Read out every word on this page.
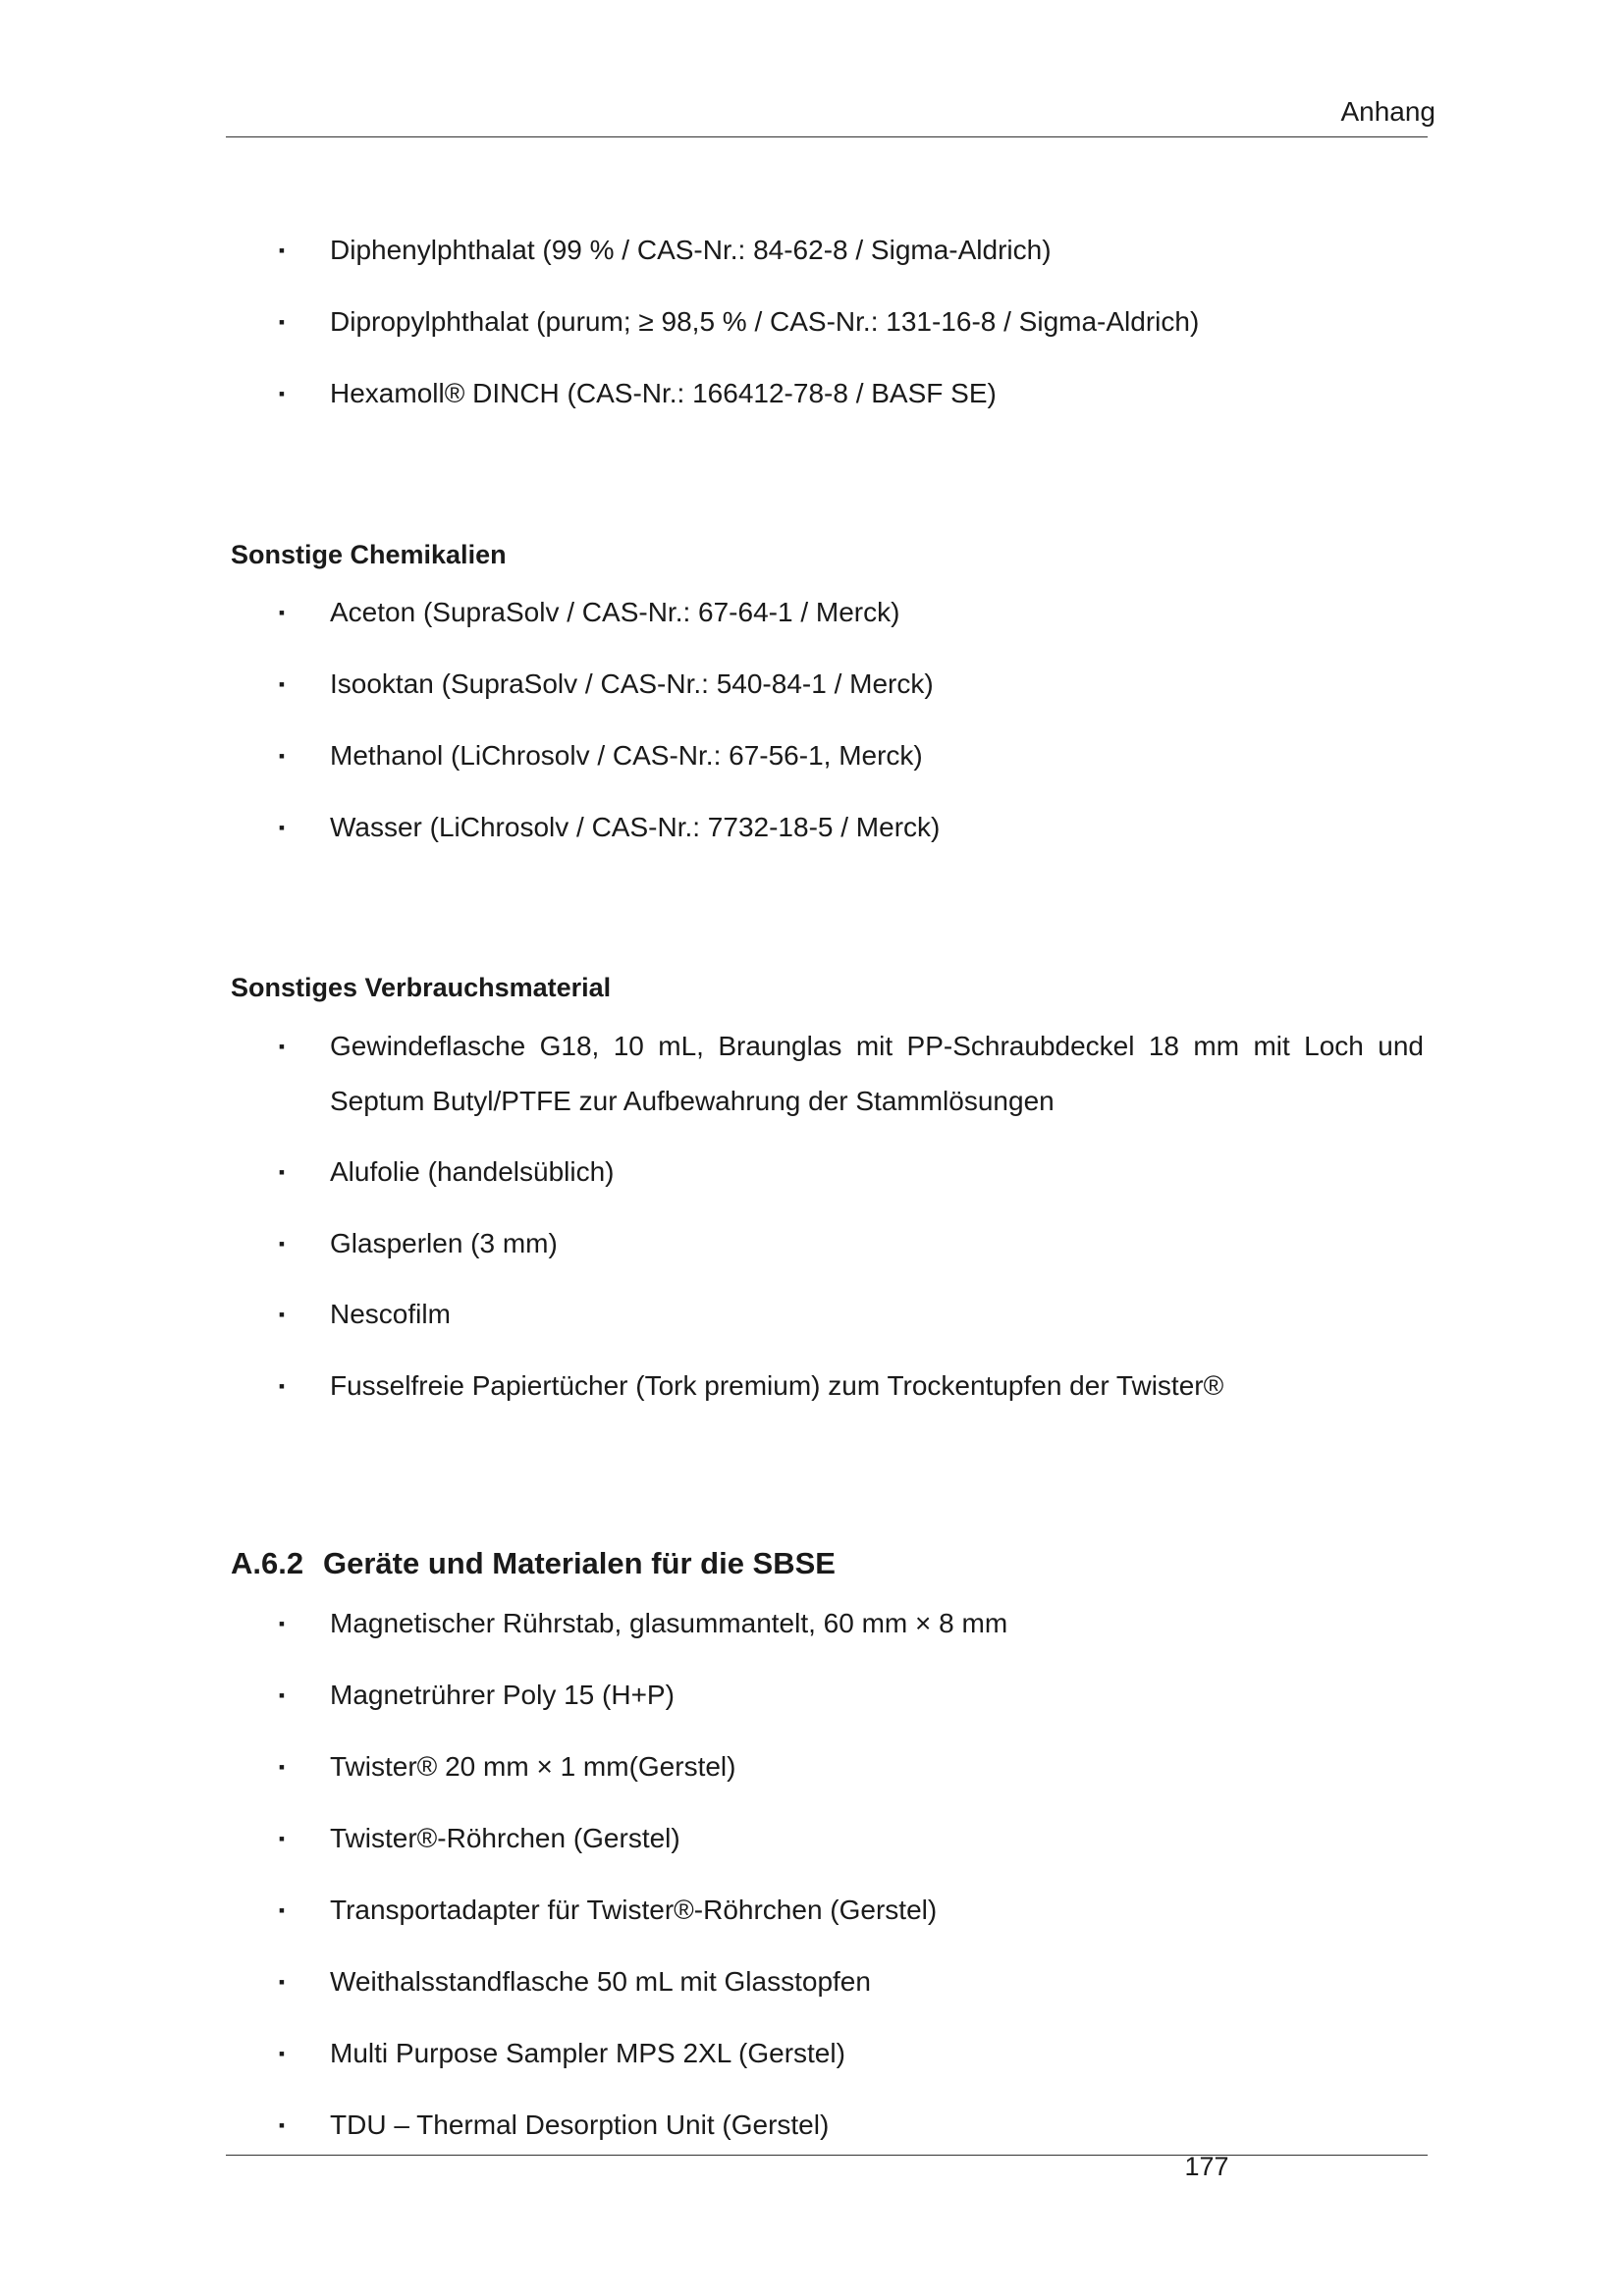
Anhang
▪ Diphenylphthalat (99 % / CAS-Nr.: 84-62-8 / Sigma-Aldrich)
▪ Dipropylphthalat (purum; ≥ 98,5 % / CAS-Nr.: 131-16-8 / Sigma-Aldrich)
▪ Hexamoll® DINCH (CAS-Nr.: 166412-78-8 / BASF SE)
Sonstige Chemikalien
▪ Aceton (SupraSolv / CAS-Nr.: 67-64-1 / Merck)
▪ Isooktan (SupraSolv / CAS-Nr.: 540-84-1 / Merck)
▪ Methanol (LiChrosolv / CAS-Nr.: 67-56-1, Merck)
▪ Wasser (LiChrosolv / CAS-Nr.: 7732-18-5 / Merck)
Sonstiges Verbrauchsmaterial
▪ Gewindeflasche G18, 10 mL, Braunglas mit PP-Schraubdeckel 18 mm mit Loch und Septum Butyl/PTFE zur Aufbewahrung der Stammlösungen
▪ Alufolie (handelsüblich)
▪ Glasperlen (3 mm)
▪ Nescofilm
▪ Fusselfreie Papiertücher (Tork premium) zum Trockentupfen der Twister®
A.6.2 Geräte und Materialen für die SBSE
▪ Magnetischer Rührstab, glasummantelt, 60 mm × 8 mm
▪ Magnetrührer Poly 15 (H+P)
▪ Twister® 20 mm × 1 mm(Gerstel)
▪ Twister®-Röhrchen (Gerstel)
▪ Transportadapter für Twister®-Röhrchen (Gerstel)
▪ Weithalsstandflasche 50 mL mit Glasstopfen
▪ Multi Purpose Sampler MPS 2XL (Gerstel)
▪ TDU – Thermal Desorption Unit (Gerstel)
177
